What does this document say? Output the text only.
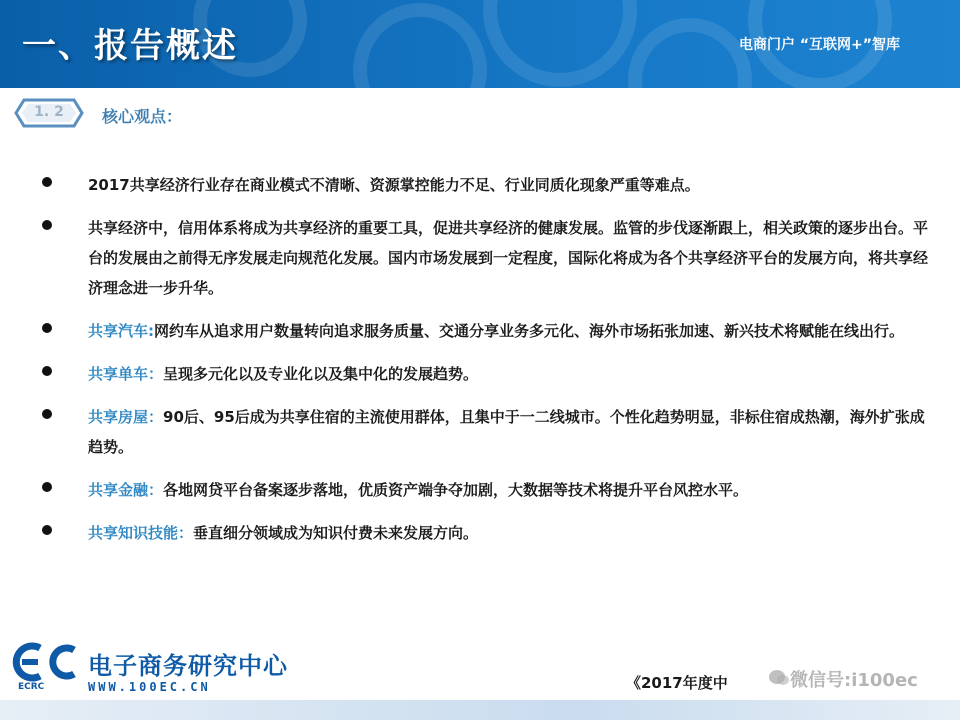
一、报告概述	电商门户 “互联网+”智库
1. 2	核心观点：
2017共享经济行业存在商业模式不清晰、资源掌控能力不足、行业同质化现象严重等难点。
共享经济中，信用体系将成为共享经济的重要工具，促进共享经济的健康发展。监管的步伐逐渐跟上，相关政策的逐步出台。平台的发展由之前得无序发展走向规范化发展。国内市场发展到一定程度，国际化将成为各个共享经济平台的发展方向，将共享经济理念进一步升华。
共享汽车:网约车从追求用户数量转向追求服务质量、交通分享业务多元化、海外市场拓张加速、新兴技术将赋能在线出行。
共享单车：呈现多元化以及专业化以及集中化的发展趋势。
共享房屋：90后、95后成为共享住宿的主流使用群体，且集中于一二线城市。个性化趋势明显，非标住宿成热潮，海外扩张成趋势。
共享金融：各地网贷平台备案逐步落地，优质资产端争夺加剧，大数据等技术将提升平台风控水平。
共享知识技能：垂直细分领域成为知识付费未来发展方向。
ECRC
电子商务研究中心
WWW.100EC.CN	《2017年度中	微信号:i100ec
